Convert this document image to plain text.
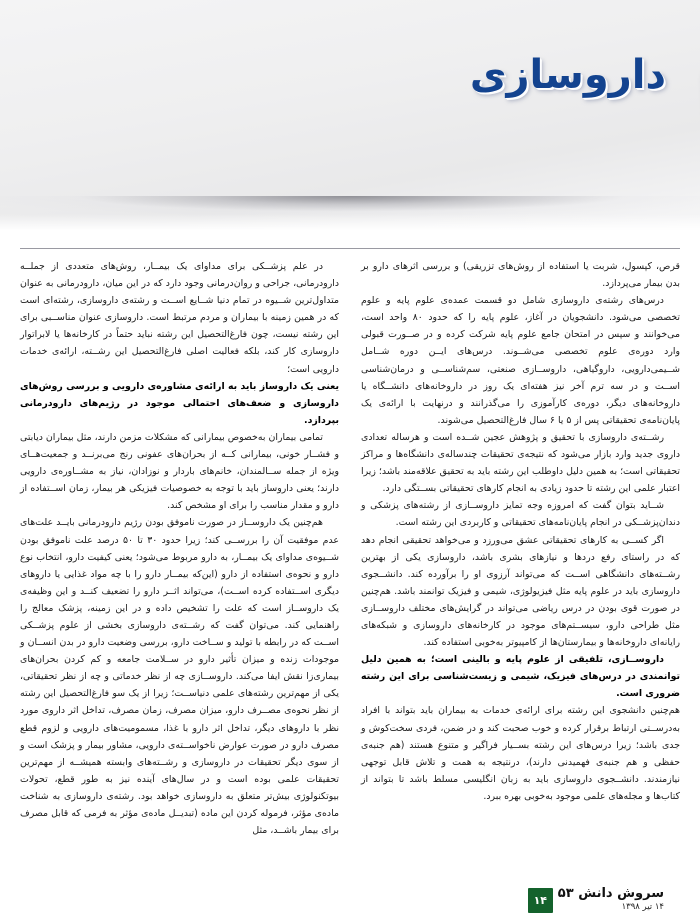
داروسازی

در علم پزشــکی برای مداوای یک بیمــار، روش‌های متعددی از جملــه دارودرمانی، جراحی و روان‌درمانی وجود دارد که در این میان، دارودرمانی به عنوان متداول‌ترین شــیوه در تمام دنیا شــایع اســت و رشته‌ی داروسازی، رشته‌ای است که در همین زمینه با بیماران و مردم مرتبط است. داروسازی عنوان مناســبی برای این رشته نیست، چون فارغ‌التحصیل این رشته نباید حتماً در کارخانه‌ها یا لابراتوار داروسازی کار کند، بلکه فعالیت اصلی فارغ‌التحصیل این رشــته، ارائه‌ی خدمات دارویی است؛

یعنی یک داروساز باید به ارائه‌ی مشاوره‌ی دارویی و بررسی روش‌های داروسازی و ضعف‌های احتمالی موجود در رژیم‌های دارودرمانی بپردازد.

تمامی بیماران به‌خصوص بیمارانی که مشکلات مزمن دارند، مثل بیماران دیابتی و فشــار خونی، بیمارانی کــه از بحران‌های عفونی رنج می‌برنــد و جمعیت‌هــای ویژه از جمله ســالمندان، خانم‌های باردار و نوزادان، نیاز به مشــاوره‌ی دارویی دارند؛ یعنی داروساز باید با توجه به خصوصیات فیزیکی هر بیمار، زمان اســتفاده از دارو و مقدار مناسب را برای او مشخص کند.

هم‌چنین یک داروســاز در صورت ناموفق بودن رژیم دارودرمانی بایــد علت‌های عدم موفقیت آن را بررســی کند؛ زیرا حدود ۳۰ تا ۵۰ درصد علت ناموفق بودن شــیوه‌ی مداوای یک بیمــار، به دارو مربوط می‌شود؛ یعنی کیفیت دارو، انتخاب نوع دارو و نحوه‌ی استفاده از دارو (این‌که بیمــار دارو را با چه مواد غذایی یا داروهای دیگری اســتفاده کرده اســت)، می‌تواند اثــر دارو را تضعیف کنــد و این وظیفه‌ی یک داروســاز است که علت را تشخیص داده و در این زمینه، پزشک معالج را راهنمایی کند. می‌توان گفت که رشــته‌ی داروسازی بخشی از علوم پزشــکی اســت که در رابطه با تولید و ســاخت دارو، بررسی وضعیت دارو در بدن انســان و موجودات زنده و میزان تأثیر دارو در ســلامت جامعه و کم کردن بحران‌های بیماری‌زا نقش ایفا می‌کند. داروســازی چه از نظر خدماتی و چه از نظر تحقیقاتی، یکی از مهم‌ترین رشته‌های علمی دنیاســت؛ زیرا از یک سو فارغ‌التحصیل این رشته از نظر نحوه‌ی مصــرف دارو، میزان مصرف، زمان مصرف، تداخل اثر داروی مورد نظر با داروهای دیگر، تداخل اثر دارو با غذا، مسمومیت‌های دارویی و لزوم قطع مصرف دارو در صورت عوارض ناخواســته‌ی دارویی، مشاور بیمار و پزشک است و از سوی دیگر تحقیقات در داروسازی و رشــته‌های وابسته همیشــه از مهم‌ترین تحقیقات علمی بوده است و در سال‌های آینده نیز به طور قطع، تحولات بیوتکنولوژی بیش‌تر متعلق به داروسازی خواهد بود. رشته‌ی داروسازی به شناخت ماده‌ی مؤثر، فرموله کردن این ماده (تبدیــل ماده‌ی مؤثر به فرمی که قابل مصرف برای بیمار باشــد، مثل

قرص، کپسول، شربت یا استفاده از روش‌های تزریقی) و بررسی اثرهای دارو بر بدن بیمار می‌پردازد.

درس‌های رشته‌ی داروسازی شامل دو قسمت عمده‌ی علوم پایه و علوم تخصصی می‌شود. دانشجویان در آغاز، علوم پایه را که حدود ۸۰ واحد است، می‌خوانند و سپس در امتحان جامع علوم پایه شرکت کرده و در صــورت قبولی وارد دوره‌ی علوم تخصصی می‌شــوند. درس‌های ایــن دوره شــامل شــیمی‌دارویی، داروگیاهی، داروســازی صنعتی، سم‌شناســی و درمان‌شناسی اســت و در سه ترم آخر نیز هفته‌ای یک روز در داروخانه‌های دانشــگاه یا داروخانه‌های دیگر، دوره‌ی کارآموزی را می‌گذرانند و درنهایت با ارائه‌ی یک پایان‌نامه‌ی تحقیقاتی پس از ۵ یا ۶ سال فارغ‌التحصیل می‌شوند.

رشــته‌ی داروسازی با تحقیق و پژوهش عجین شــده است و هرساله تعدادی داروی جدید وارد بازار می‌شود که نتیجه‌ی تحقیقات چندساله‌ی دانشگاه‌ها و مراکز تحقیقاتی است؛ به همین دلیل داوطلب این رشته باید به تحقیق علاقه‌مند باشد؛ زیرا اعتبار علمی این رشته تا حدود زیادی به انجام کارهای تحقیقاتی بســتگی دارد.

شــاید بتوان گفت که امروزه وجه تمایز داروســازی از رشته‌های پزشکی و دندان‌پزشــکی در انجام پایان‌نامه‌های تحقیقاتی و کاربردی این رشته است.

اگر کســی به کارهای تحقیقاتی عشق می‌ورزد و می‌خواهد تحقیقی انجام دهد که در راستای رفع دردها و نیازهای بشری باشد، داروسازی یکی از بهترین رشــته‌های دانشگاهی اســت که می‌تواند آرزوی او را برآورده کند. دانشــجوی داروسازی باید در علوم پایه مثل فیزیولوژی، شیمی و فیزیک توانمند باشد. هم‌چنین در صورت قوی بودن در درس ریاضی می‌تواند در گرایش‌های مختلف داروســازی مثل طراحی دارو، سیســتم‌های موجود در کارخانه‌های داروسازی و شبکه‌های رایانه‌ای داروخانه‌ها و بیمارستان‌ها از کامپیوتر به‌خوبی استفاده کند.

داروســازی، تلفیقی از علوم پایه و بالینی است؛ به همین دلیل توانمندی در درس‌های فیزیک، شیمی و زیست‌شناسی برای این رشته ضروری است.

هم‌چنین دانشجوی این رشته برای ارائه‌ی خدمات به بیماران باید بتواند با افراد به‌درســتی ارتباط برقرار کرده و خوب صحبت کند و در ضمن، فردی سخت‌کوش و جدی باشد؛ زیرا درس‌های این رشته بســیار فراگیر و متنوع هستند (هم جنبه‌ی حفظی و هم جنبه‌ی فهمیدنی دارند)، درنتیجه به همت و تلاش قابل توجهی نیازمندند. دانشــجوی داروسازی باید به زبان انگلیسی مسلط باشد تا بتواند از کتاب‌ها و مجله‌های علمی موجود به‌خوبی بهره ببرد.

سروش دانش ۵۳
۱۴ تیر ۱۳۹۸
۱۴
